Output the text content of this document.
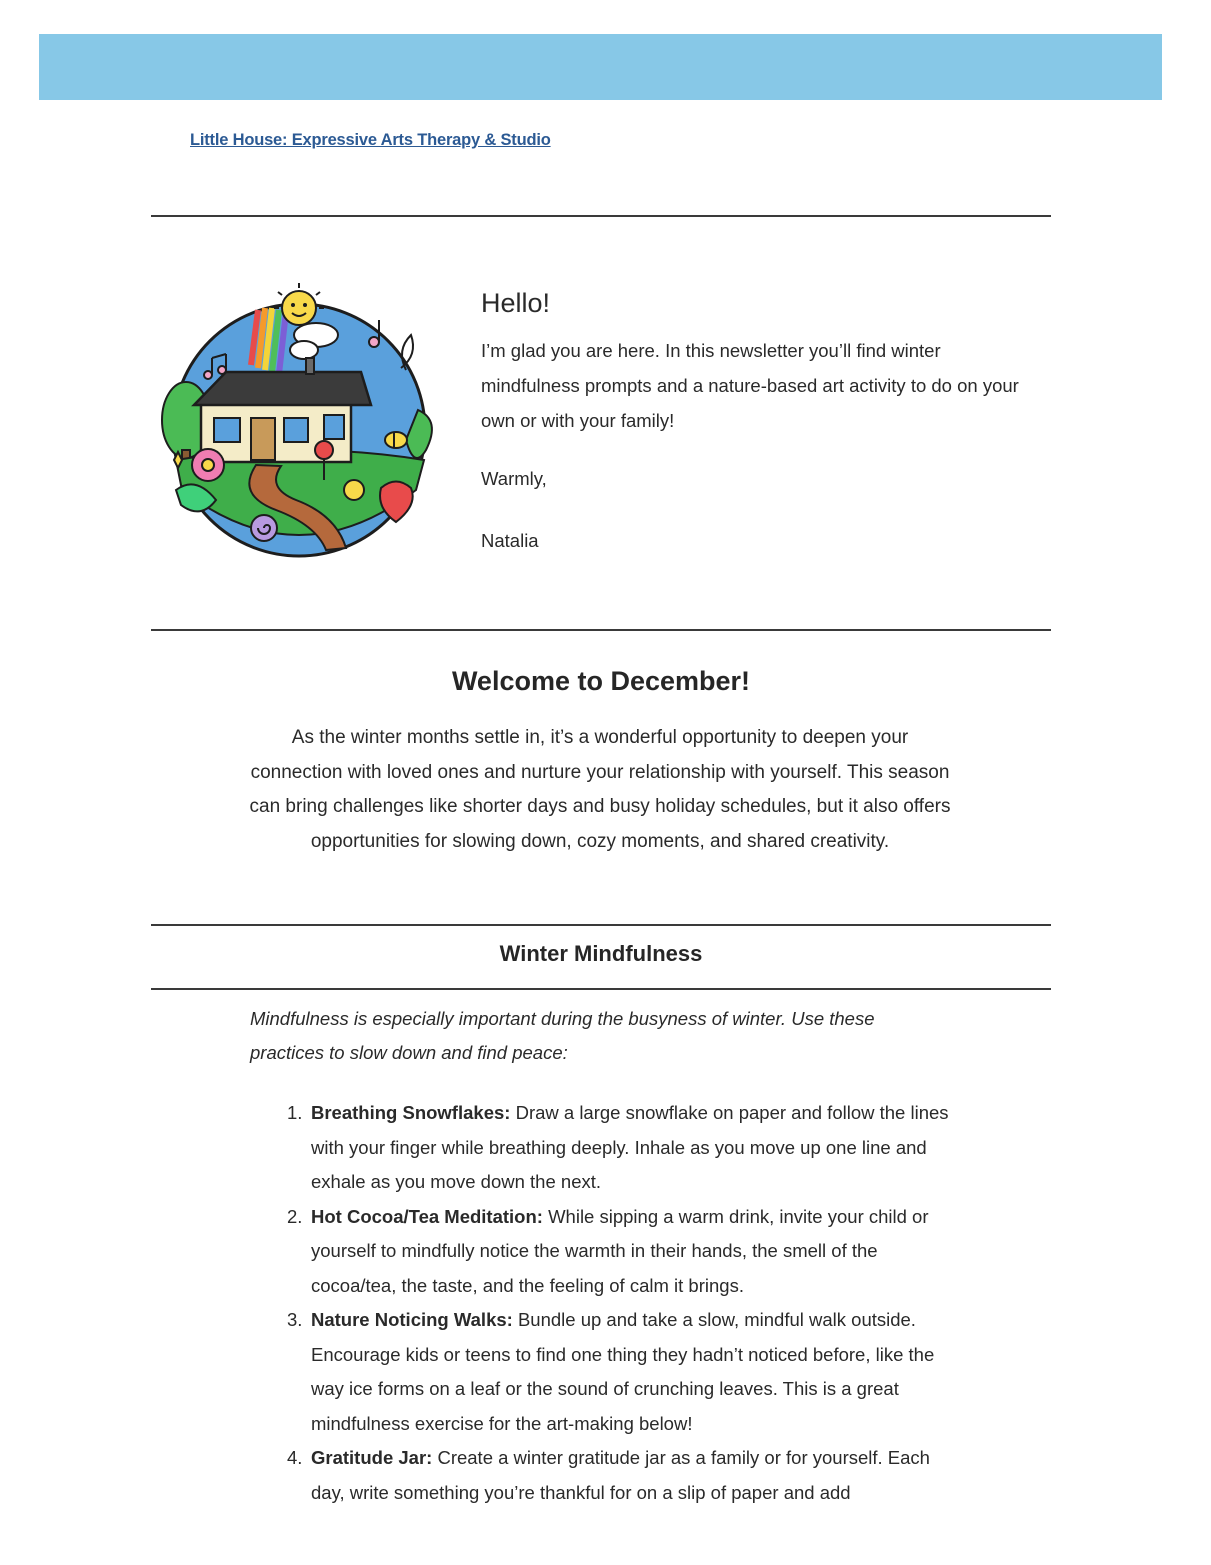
Little House: Expressive Arts Therapy & Studio
Hello!

I’m glad you are here. In this newsletter you’ll find winter mindfulness prompts and a nature-based art activity to do on your own or with your family!

Warmly,

Natalia

Welcome to December!

As the winter months settle in, it’s a wonderful opportunity to deepen your connection with loved ones and nurture your relationship with yourself. This season can bring challenges like shorter days and busy holiday schedules, but it also offers opportunities for slowing down, cozy moments, and shared creativity.

Winter Mindfulness

Mindfulness is especially important during the busyness of winter. Use these practices to slow down and find peace:

1. Breathing Snowflakes: Draw a large snowflake on paper and follow the lines with your finger while breathing deeply. Inhale as you move up one line and exhale as you move down the next.
2. Hot Cocoa/Tea Meditation: While sipping a warm drink, invite your child or yourself to mindfully notice the warmth in their hands, the smell of the cocoa/tea, the taste, and the feeling of calm it brings.
3. Nature Noticing Walks: Bundle up and take a slow, mindful walk outside. Encourage kids or teens to find one thing they hadn’t noticed before, like the way ice forms on a leaf or the sound of crunching leaves. This is a great mindfulness exercise for the art-making below!
4. Gratitude Jar: Create a winter gratitude jar as a family or for yourself. Each day, write something you’re thankful for on a slip of paper and add
